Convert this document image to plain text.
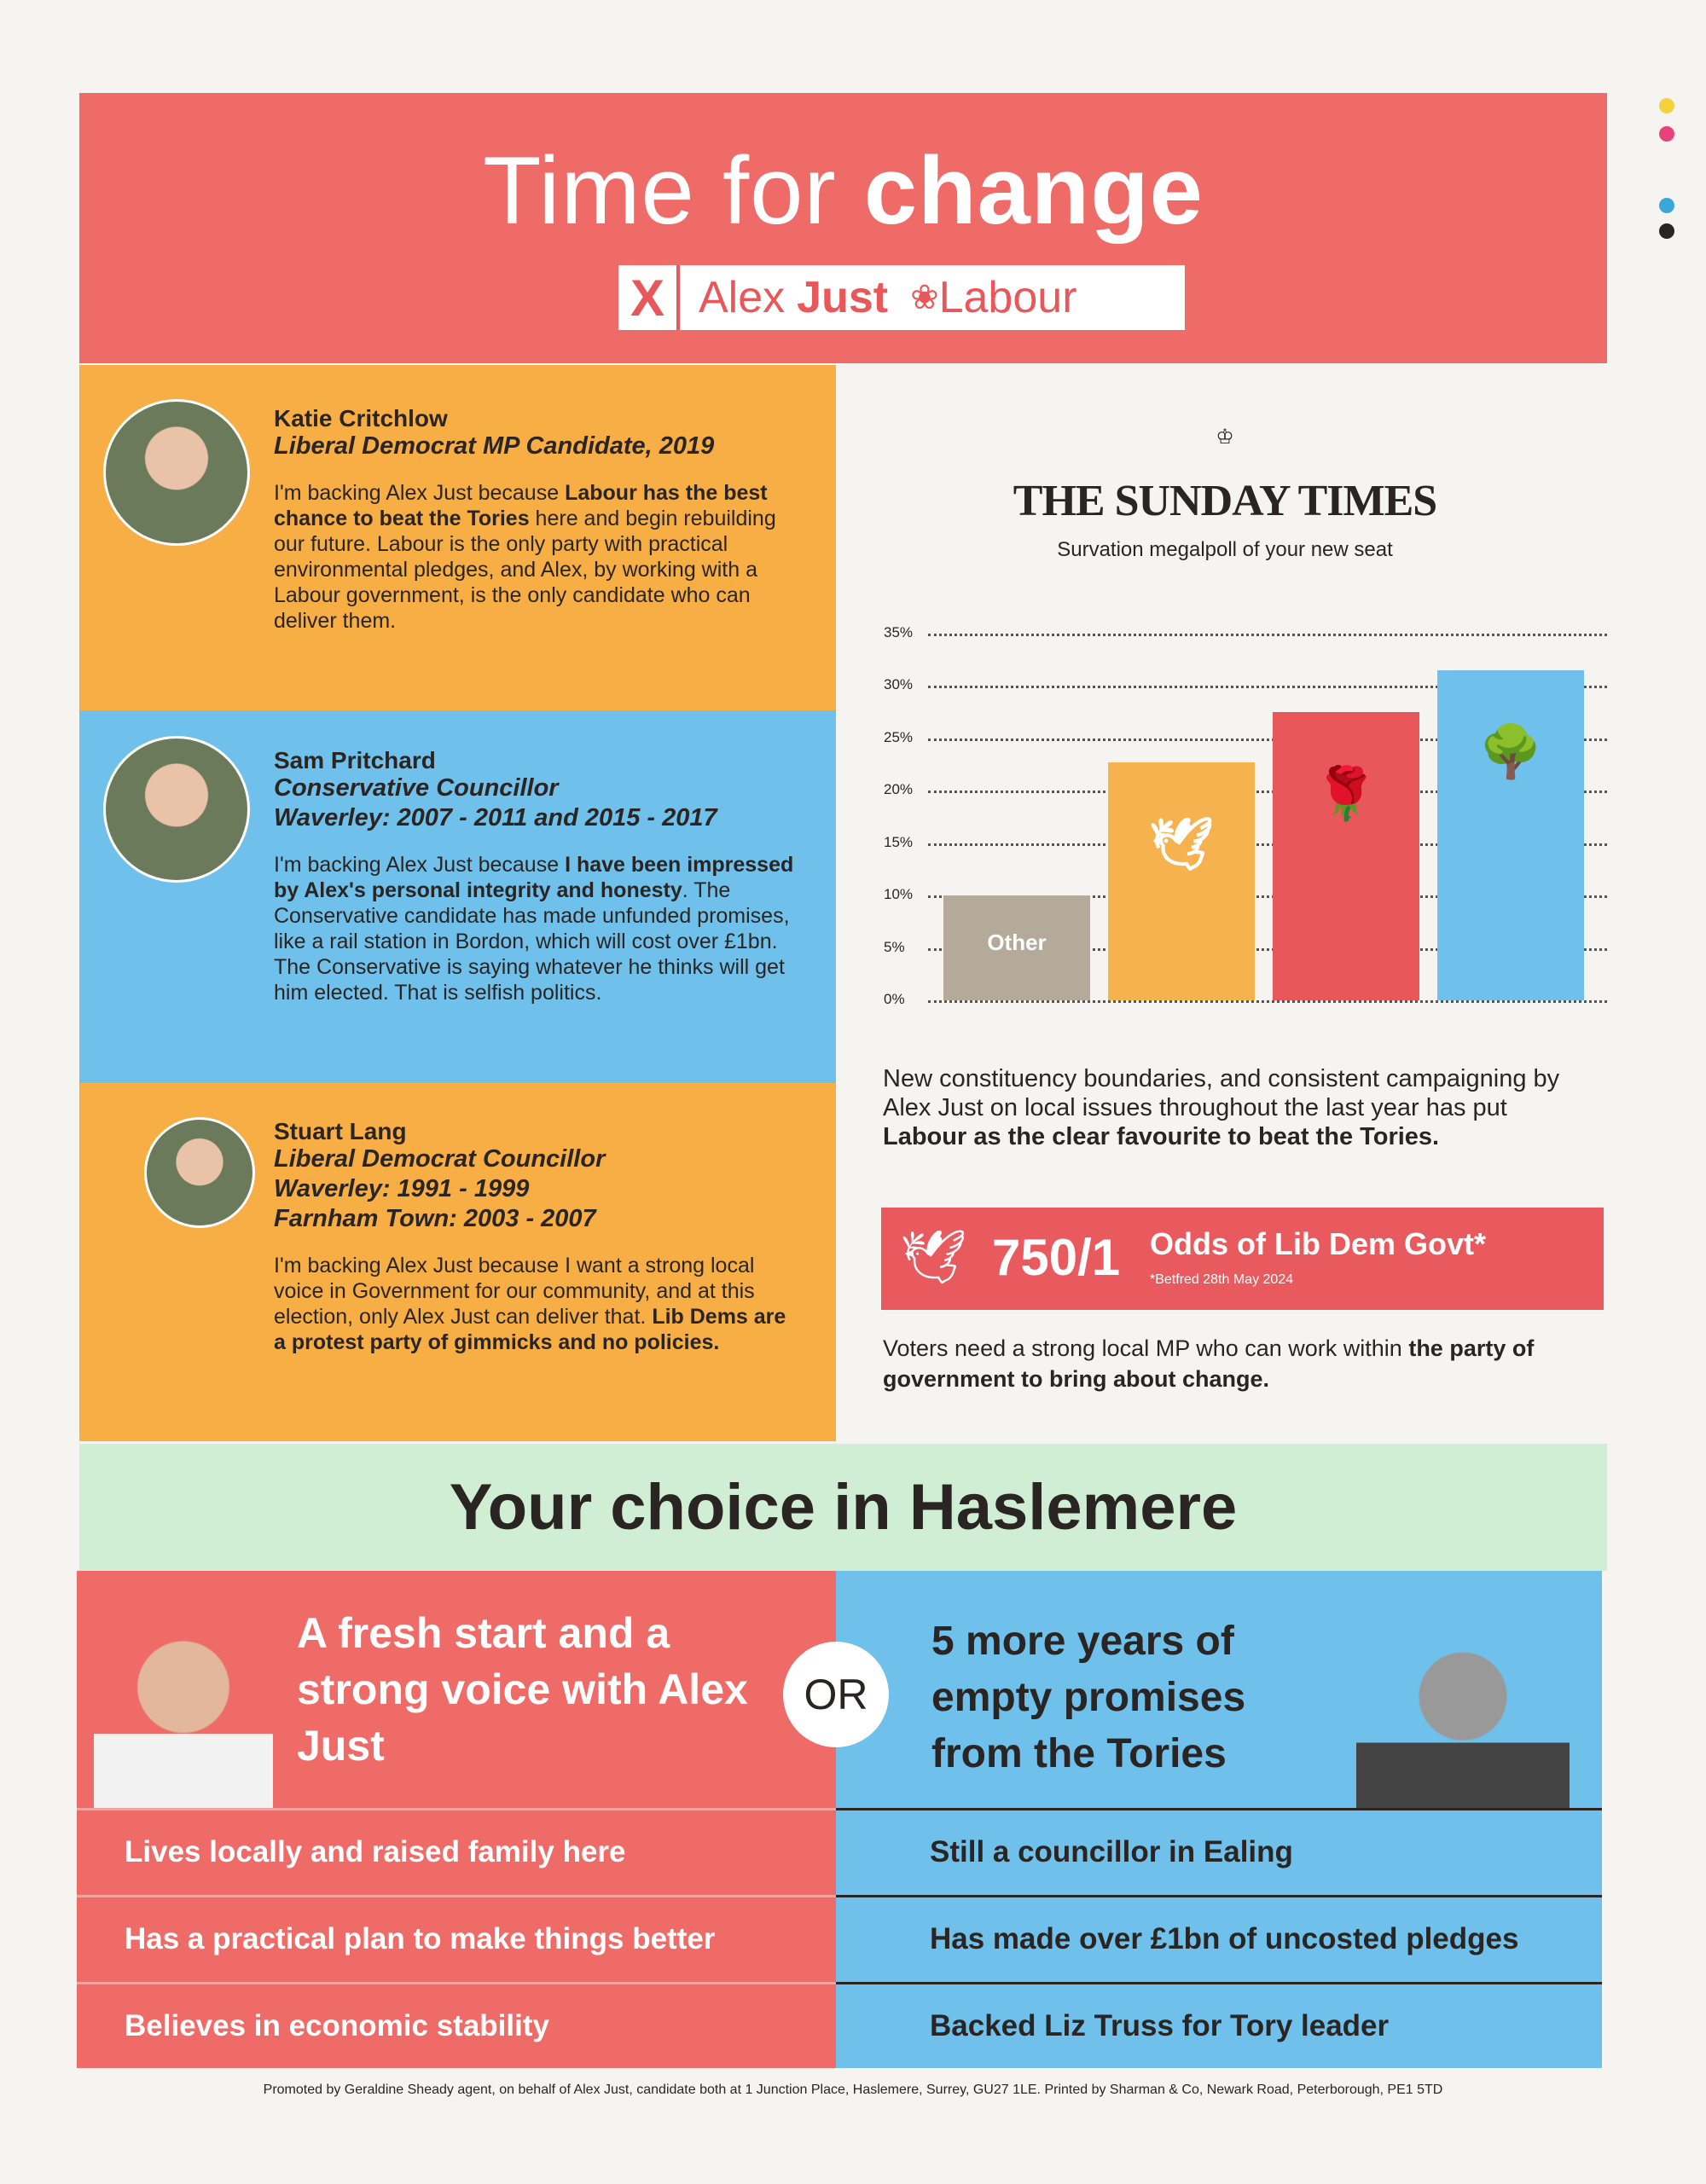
Time for change
X Alex Just ❀ Labour
Katie Critchlow
Liberal Democrat MP Candidate, 2019

I'm backing Alex Just because Labour has the best chance to beat the Tories here and begin rebuilding our future. Labour is the only party with practical environmental pledges, and Alex, by working with a Labour government, is the only candidate who can deliver them.

Sam Pritchard
Conservative Councillor
Waverley: 2007 - 2011 and 2015 - 2017

I'm backing Alex Just because I have been impressed by Alex's personal integrity and honesty. The Conservative candidate has made unfunded promises, like a rail station in Bordon, which will cost over £1bn. The Conservative is saying whatever he thinks will get him elected. That is selfish politics.

Stuart Lang
Liberal Democrat Councillor
Waverley: 1991 - 1999
Farnham Town: 2003 - 2007

I'm backing Alex Just because I want a strong local voice in Government for our community, and at this election, only Alex Just can deliver that. Lib Dems are a protest party of gimmicks and no policies.

♔
THE SUNDAY TIMES
Survation megalpoll of your new seat
0%
5%
10%
15%
20%
25%
30%
35%
Other
🕊
🌹
🌳
New constituency boundaries, and consistent campaigning by Alex Just on local issues throughout the last year has put Labour as the clear favourite to beat the Tories.
Voters need a strong local MP who can work within the party of government to bring about change.
🕊 750/1 Odds of Lib Dem Govt*
*Betfred 28th May 2024
Your choice in Haslemere
A fresh start and a strong voice with Alex Just
Lives locally and raised family here
Has a practical plan to make things better
Believes in economic stability
5 more years of empty promises from the Tories
Still a councillor in Ealing
Has made over £1bn of uncosted pledges
Backed Liz Truss for Tory leader
OR
Promoted by Geraldine Sheady agent, on behalf of Alex Just, candidate both at 1 Junction Place, Haslemere, Surrey, GU27 1LE. Printed by Sharman & Co, Newark Road, Peterborough, PE1 5TD
